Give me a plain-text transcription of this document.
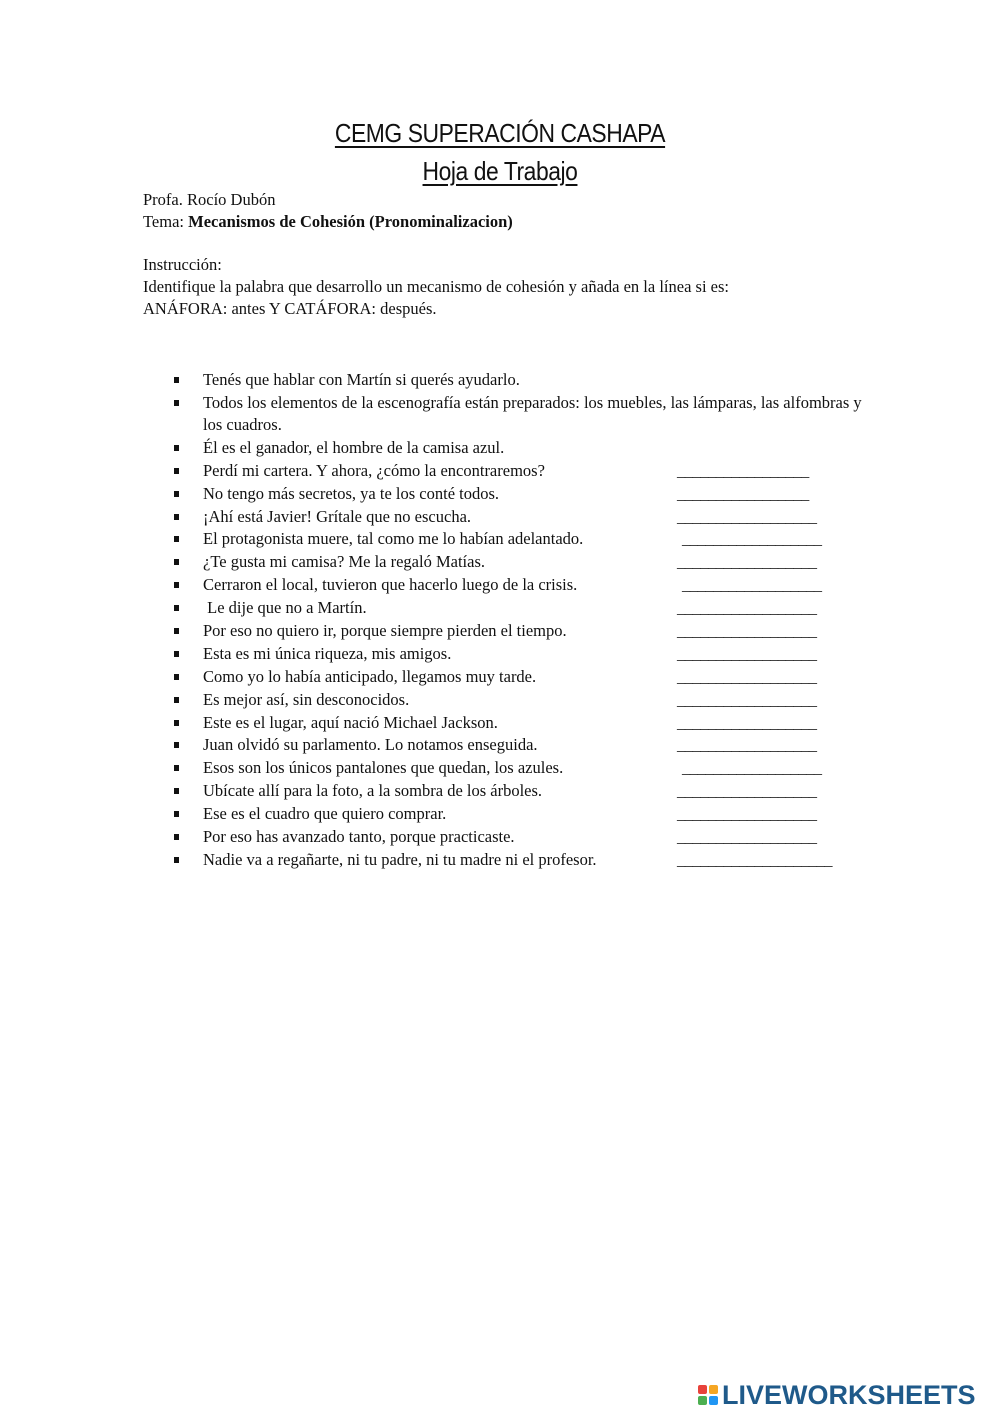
CEMG SUPERACIÓN CASHAPA
Hoja de Trabajo
Profa. Rocío Dubón
Tema: Mecanismos de Cohesión (Pronominalizacion)
Instrucción:
Identifique la palabra que desarrollo un mecanismo de cohesión y añada en la línea si es:
ANÁFORA: antes Y CATÁFORA: después.
Tenés que hablar con Martín si querés ayudarlo.
Todos los elementos de la escenografía están preparados: los muebles, las lámparas, las alfombras y los cuadros.
Él es el ganador, el hombre de la camisa azul.
Perdí mi cartera. Y ahora, ¿cómo la encontraremos?	_________________
No tengo más secretos, ya te los conté todos.	_________________
¡Ahí está Javier! Grítale que no escucha.	__________________
El protagonista muere, tal como me lo habían adelantado.	__________________
¿Te gusta mi camisa? Me la regaló Matías.	__________________
Cerraron el local, tuvieron que hacerlo luego de la crisis.	__________________
Le dije que no a Martín.	__________________
Por eso no quiero ir, porque siempre pierden el tiempo.	__________________
Esta es mi única riqueza, mis amigos.	__________________
Como yo lo había anticipado, llegamos muy tarde.	__________________
Es mejor así, sin desconocidos.	__________________
Este es el lugar, aquí nació Michael Jackson.	__________________
Juan olvidó su parlamento. Lo notamos enseguida.	__________________
Esos son los únicos pantalones que quedan, los azules.	__________________
Ubícate allí para la foto, a la sombra de los árboles.	__________________
Ese es el cuadro que quiero comprar.	__________________
Por eso has avanzado tanto, porque practicaste.	__________________
Nadie va a regañarte, ni tu padre, ni tu madre ni el profesor.	____________________
LIVEWORKSHEETS
